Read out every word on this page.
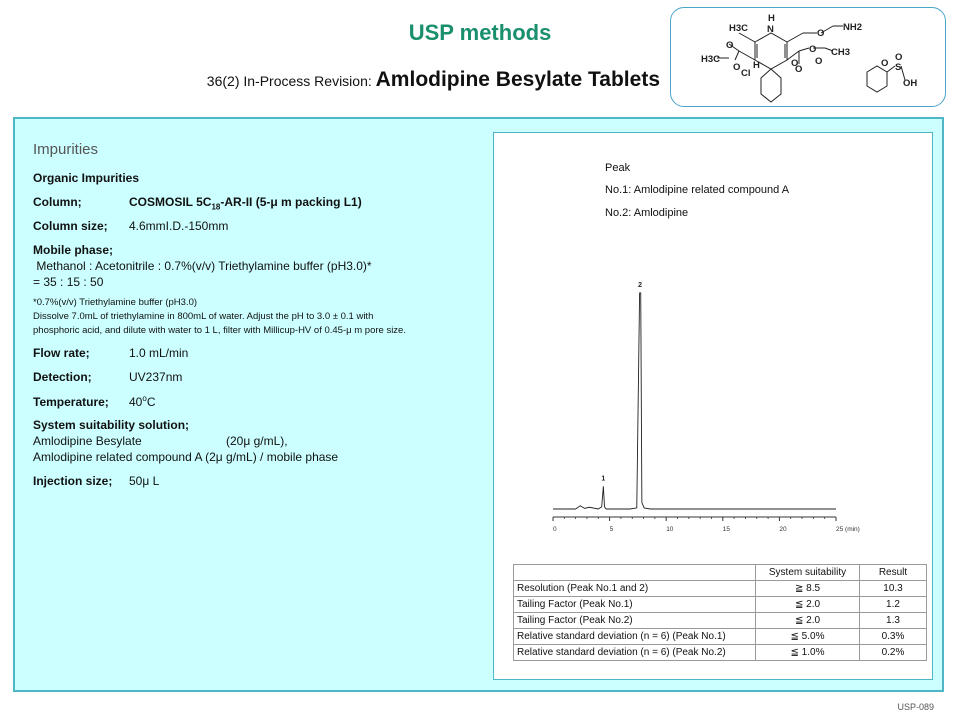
USP methods
36(2) In-Process Revision: Amlodipine Besylate Tablets
H3C
H
N	O
NH2
O
O CH3
H3C
O
O H	O
O
Cl
S
O
O
OH
Impurities
Organic Impurities
Column;	COSMOSIL $5C_{18}-AR-II$ (5-μ m packing L1)
Column size; 4.6mmI.D.-150mm
Mobile phase;
Methanol : Acetonitrile : 0.7%(v/v) Triethylamine buffer (pH3.0)*
= 35 : 15 : 50
*0.7%(v/v) Triethylamine buffer (pH3.0)
Dissolve 7.0mL of triethylamine in 800mL of water. Adjust the pH to 3.0 ± 0.1 with
phosphoric acid, and dilute with water to 1 L, filter with Millicup-HV of 0.45-μ m pore size.
Flow rate;	1.0 mL/min
Detection;	UV237nm
Temperature; 40$^o$C
System suitability solution;
Amlodipine Besylate	(20μ g/mL),
Amlodipine related compound A (2μ g/mL) / mobile phase
Injection size; 50μ L
Peak
No.1: Amlodipine related compound A
No.2: Amlodipine
0	5	10	15	20	25 (min)
1
2
	System suitability	Result
Resolution (Peak No.1 and 2)	≧ 8.5	10.3
Tailing Factor (Peak No.1)	≦ 2.0	1.2
Tailing Factor (Peak No.2)	≦ 2.0	1.3
Relative standard deviation (n = 6) (Peak No.1)	≦ 5.0%	0.3%
Relative standard deviation (n = 6) (Peak No.2)	≦ 1.0%	0.2%
USP-089
